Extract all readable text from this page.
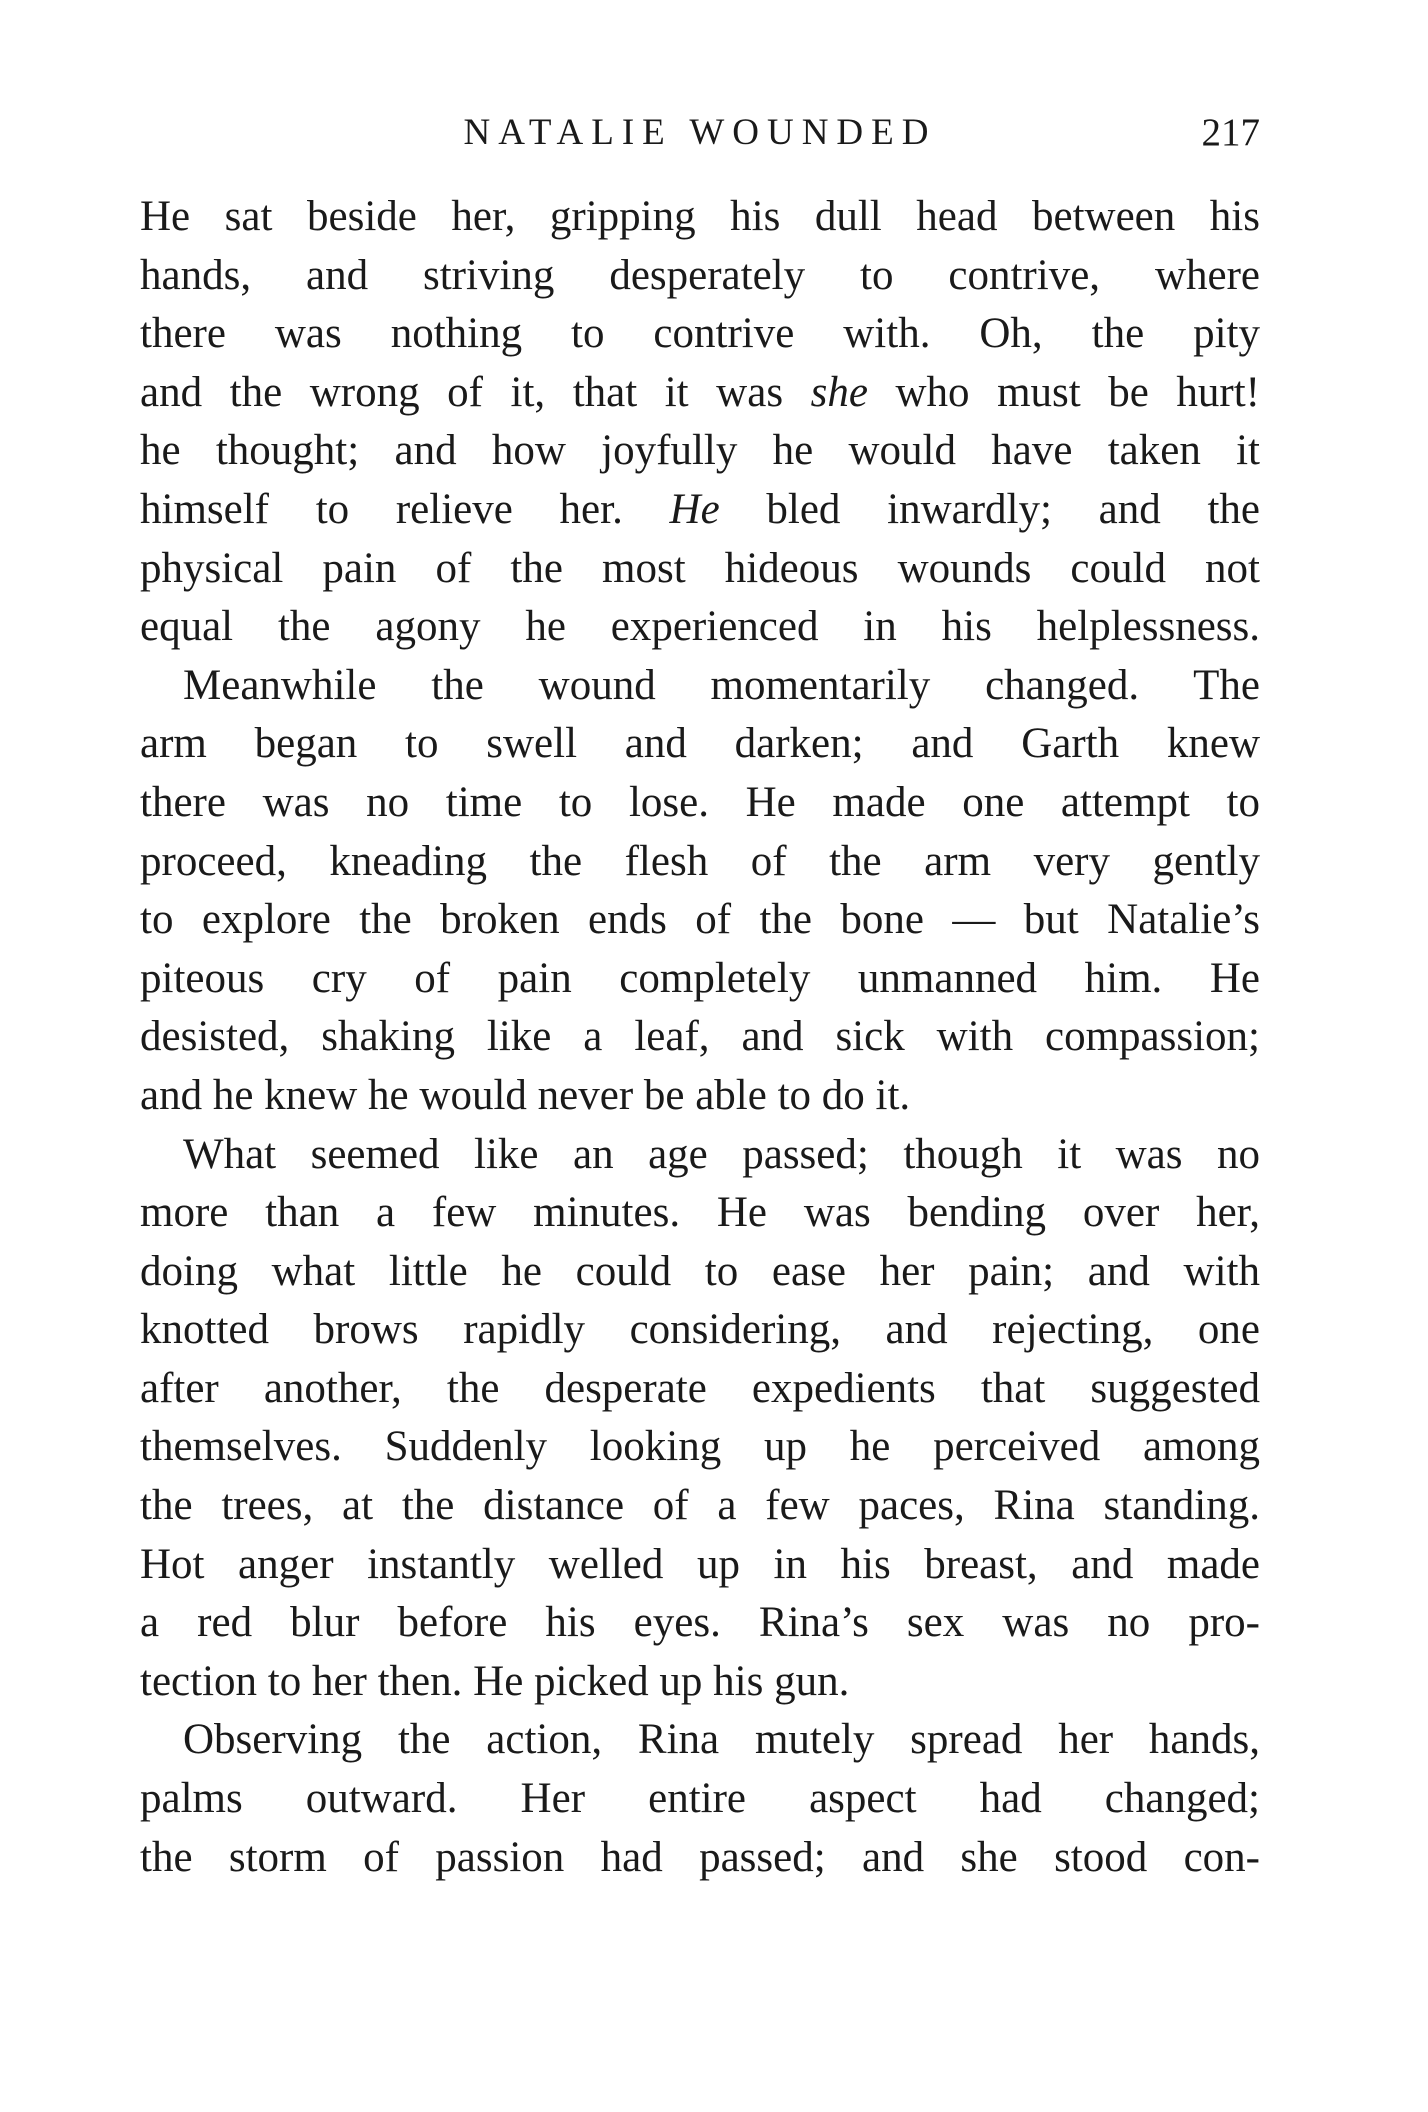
NATALIE WOUNDED	217
He sat beside her, gripping his dull head between his
hands, and striving desperately to contrive, where
there was nothing to contrive with. Oh, the pity
and the wrong of it, that it was she who must be hurt!
he thought; and how joyfully he would have taken it
himself to relieve her. He bled inwardly; and the
physical pain of the most hideous wounds could not
equal the agony he experienced in his helplessness.
Meanwhile the wound momentarily changed. The
arm began to swell and darken; and Garth knew
there was no time to lose. He made one attempt to
proceed, kneading the flesh of the arm very gently
to explore the broken ends of the bone — but Natalie’s
piteous cry of pain completely unmanned him. He
desisted, shaking like a leaf, and sick with compassion;
and he knew he would never be able to do it.
What seemed like an age passed; though it was no
more than a few minutes. He was bending over her,
doing what little he could to ease her pain; and with
knotted brows rapidly considering, and rejecting, one
after another, the desperate expedients that suggested
themselves. Suddenly looking up he perceived among
the trees, at the distance of a few paces, Rina standing.
Hot anger instantly welled up in his breast, and made
a red blur before his eyes. Rina’s sex was no pro-
tection to her then. He picked up his gun.
Observing the action, Rina mutely spread her hands,
palms outward. Her entire aspect had changed;
the storm of passion had passed; and she stood con-
